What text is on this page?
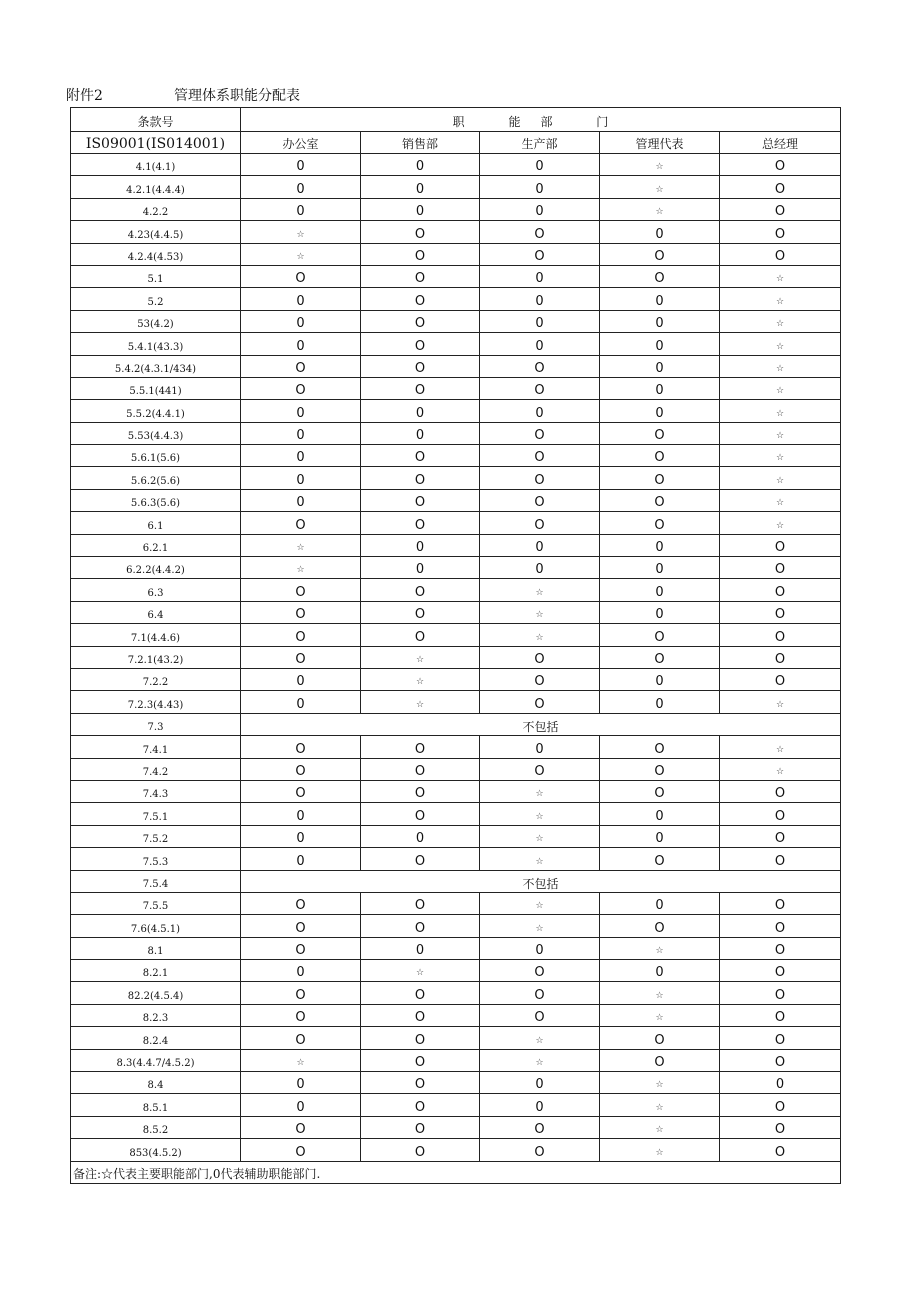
附件2	管理体系职能分配表
条款号	职 能部 门				
IS09001(IS014001)	办公室	销售部	生产部	管理代表	总经理
4.1(4.1)	0	0	0	☆	O
4.2.1(4.4.4)	0	0	0	☆	O
4.2.2	0	0	0	☆	O
4.23(4.4.5)	☆	O	O	0	O
4.2.4(4.53)	☆	O	O	O	O
5.1	O	O	0	O	☆
5.2	0	O	0	0	☆
53(4.2)	0	O	0	0	☆
5.4.1(43.3)	0	O	0	0	☆
5.4.2(4.3.1/434)	O	O	O	0	☆
5.5.1(441)	O	O	O	0	☆
5.5.2(4.4.1)	0	0	0	0	☆
5.53(4.4.3)	0	0	O	O	☆
5.6.1(5.6)	0	O	O	O	☆
5.6.2(5.6)	0	O	O	O	☆
5.6.3(5.6)	0	O	O	O	☆
6.1	O	O	O	O	☆
6.2.1	☆	0	0	0	O
6.2.2(4.4.2)	☆	0	0	0	O
6.3	O	O	☆	0	O
6.4	O	O	☆	0	O
7.1(4.4.6)	O	O	☆	O	O
7.2.1(43.2)	O	☆	O	O	O
7.2.2	0	☆	O	0	O
7.2.3(4.43)	0	☆	O	0	☆
7.3	不包括				
7.4.1	O	O	0	O	☆
7.4.2	O	O	O	O	☆
7.4.3	O	O	☆	O	O
7.5.1	0	O	☆	0	O
7.5.2	0	0	☆	0	O
7.5.3	0	O	☆	O	O
7.5.4	不包括				
7.5.5	O	O	☆	0	O
7.6(4.5.1)	O	O	☆	O	O
8.1	O	0	0	☆	O
8.2.1	0	☆	O	0	O
82.2(4.5.4)	O	O	O	☆	O
8.2.3	O	O	O	☆	O
8.2.4	O	O	☆	O	O
8.3(4.4.7/4.5.2)	☆	O	☆	O	O
8.4	0	O	0	☆	0
8.5.1	0	O	0	☆	O
8.5.2	O	O	O	☆	O
853(4.5.2)	O	O	O	☆	O
备注:☆代表主要职能部门,0代表辅助职能部门.					
